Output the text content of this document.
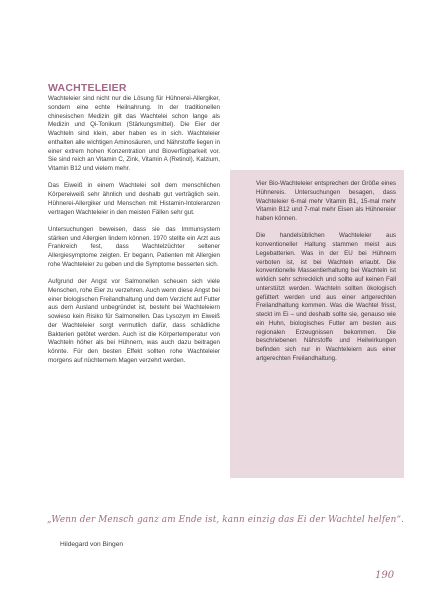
WACHTELEIER

Wachteleier sind nicht nur die Lösung für Hühnerei-Allergiker, sondern eine echte Heilnahrung. In der traditionellen chinesischen Medizin gilt das Wachtelei schon lange als Medizin und Qi-Tonikum (Stärkungsmittel). Die Eier der Wachteln sind klein, aber haben es in sich. Wachteleier enthalten alle wichtigen Aminosäuren, und Nährstoffe liegen in einer extrem hohen Konzentration und Bioverfügbarkeit vor. Sie sind reich an Vitamin C, Zink, Vitamin A (Retinol), Kalzium, Vitamin B12 und vielem mehr.

Das Eiweiß in einem Wachtelei soll dem menschlichen Körpereiweiß sehr ähnlich und deshalb gut verträglich sein. Hühnerei-Allergiker und Menschen mit Histamin-Intoleranzen vertragen Wachteleier in den meisten Fällen sehr gut.

Untersuchungen beweisen, dass sie das Immunsystem stärken und Allergien lindern können. 1970 stellte ein Arzt aus Frankreich fest, dass Wachtelzüchter seltener Allergiesymptome zeigten. Er begann, Patienten mit Allergien rohe Wachteleier zu geben und die Symptome besserten sich.

Aufgrund der Angst vor Salmonellen scheuen sich viele Menschen, rohe Eier zu verzehren. Auch wenn diese Angst bei einer biologischen Freilandhaltung und dem Verzicht auf Futter aus dem Ausland unbegründet ist, besteht bei Wachteleiern sowieso kein Risiko für Salmonellen. Das Lysozym im Eiweiß der Wachteleier sorgt vermutlich dafür, dass schädliche Bakterien getötet werden. Auch ist die Körpertemperatur von Wachteln höher als bei Hühnern, was auch dazu beitragen könnte. Für den besten Effekt sollten rohe Wachteleier morgens auf nüchternem Magen verzehrt werden.

Vier Bio-Wachteleier entsprechen der Größe eines Hühnereis. Untersuchungen besagen, dass Wachteleier 6-mal mehr Vitamin B1, 15-mal mehr Vitamin B12 und 7-mal mehr Eisen als Hühnereier haben können.

Die handelsüblichen Wachteleier aus konventioneller Haltung stammen meist aus Legebatterien. Was in der EU bei Hühnern verboten ist, ist bei Wachteln erlaubt. Die konventionelle Massentierhaltung bei Wachteln ist wirklich sehr schrecklich und sollte auf keinen Fall unterstützt werden. Wachteln sollten ökologisch gefüttert werden und aus einer artgerechten Freilandhaltung kommen. Was die Wachtel frisst, steckt im Ei – und deshalb sollte sie, genauso wie ein Huhn, biologisches Futter am besten aus regionalen Erzeugnissen bekommen. Die beschriebenen Nährstoffe und Heilwirkungen befinden sich nur in Wachteleiern aus einer artgerechten Freilandhaltung.

„Wenn der Mensch ganz am Ende ist, kann einzig das Ei der Wachtel helfen“.
Hildegard von Bingen
190
